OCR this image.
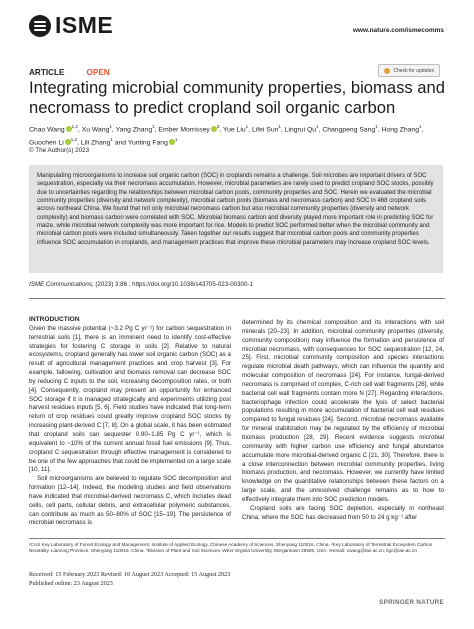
ISME	www.nature.com/ismecomms
ARTICLE	OPEN	Check for updates
Integrating microbial community properties, biomass and necromass to predict cropland soil organic carbon
Chao Wang $^{1,2}$, Xu Wang$^1$, Yang Zhang$^1$, Ember Morrissey $^3$, Yue Liu$^1$, Lifei Sun$^1$, Lingrui Qu$^1$, Changpeng Sang$^1$, Hong Zhang$^1$, Guochen Li $^{1,2}$, Lili Zhang$^1$ and Yunting Fang $^1$
© The Author(s) 2023
Manipulating microorganisms to increase soil organic carbon (SOC) in croplands remains a challenge. Soil microbes are important drivers of SOC sequestration, especially via their necromass accumulation. However, microbial parameters are rarely used to predict cropland SOC stocks, possibly due to uncertainties regarding the relationships between microbial carbon pools, community properties and SOC. Herein we evaluated the microbial community properties (diversity and network complexity), microbial carbon pools (biomass and necromass carbon) and SOC in 468 cropland soils across northeast China. We found that not only microbial necromass carbon but also microbial community properties (diversity and network complexity) and biomass carbon were correlated with SOC. Microbial biomass carbon and diversity played more important role in predicting SOC for maize, while microbial network complexity was more important for rice. Models to predict SOC performed better when the microbial community and microbial carbon pools were included simultaneously. Taken together our results suggest that microbial carbon pools and community properties influence SOC accumulation in croplands, and management practices that improve these microbial parameters may increase cropland SOC levels.
ISME Communications; (2023) 3:86 ; https://doi.org/10.1038/s43705-023-00300-1
INTRODUCTION

Given the massive potential (~3.2 Pg C yr⁻¹) for carbon sequestration in terrestrial soils [1], there is an imminent need to identify cost-effective strategies for fostering C storage in soils [2]. Relative to natural ecosystems, cropland generally has lower soil organic carbon (SOC) as a result of agricultural management practices and crop harvest [3]. For example, fallowing, cultivation and biomass removal can decrease SOC by reducing C inputs to the soil, increasing decomposition rates, or both [4]. Consequently, cropland may present an opportunity for enhanced SOC storage if it is managed strategically and experiments utilizing post harvest residues inputs [5, 6]. Field studies have indicated that long-term return of crop residues could greatly improve cropland SOC stocks by increasing plant-derived C [7, 8]. On a global scale, it has been estimated that cropland soils can sequester 0.90–1.85 Pg C yr⁻¹, which is equivalent to ~10% of the current annual fossil fuel emissions [9]. Thus, cropland C sequestration through effective management is considered to be one of the few approaches that could be implemented on a large scale [10, 11].

Soil microorganisms are believed to regulate SOC decomposition and formation [12–14]. Indeed, the modeling studies and field observations have indicated that microbial-derived necromass C, which includes dead cells, cell parts, cellular debris, and extracellular polymeric substances, can contribute as much as 50–80% of SOC [15–19]. The persistence of microbial necromass is

determined by its chemical composition and its interactions with soil minerals [20–23]. In addition, microbial community properties (diversity, community composition) may influence the formation and persistence of microbial necromass, with consequences for SOC sequestration [12, 24, 25]. First, microbial community composition and species interactions regulate microbial death pathways, which can influence the quantity and molecular composition of necromass [24]. For instance, fungal-derived necromass is comprised of complex, C-rich cell wall fragments [26], while bacterial cell wall fragments contain more N [27]. Regarding interactions, bacteriophage infection could accelerate the lysis of select bacterial populations resulting in more accumulation of bacterial cell wall residues compared to fungal residues [24]. Second, microbial necromass available for mineral stabilization may be regulated by the efficiency of microbial biomass production [28, 29]. Recent evidence suggests microbial community with higher carbon use efficiency and fungal abundance accumulate more microbial-derived organic C [21, 30]. Therefore, there is a close interconnection between microbial community properties, living biomass production, and necromass. However, we currently have limited knowledge on the quantitative relationships between these factors on a large scale, and the unresolved challenge remains as to how to effectively integrate them into SOC prediction models.

Cropland soils are facing SOC depletion, especially in northeast China, where the SOC has decreased from 50 to 24 g kg⁻¹ after

¹CAS Key Laboratory of Forest Ecology and Management, Institute of Applied Ecology, Chinese Academy of Sciences, Shenyang 110016, China. ²Key Laboratory of Terrestrial Ecosystem Carbon Neutrality, Liaoning Province, Shenyang 110016, China. ³Division of Plant and Soil Sciences, West Virginia University, Morgantown 26506, USA. ✉email: cwang@iae.ac.cn; ligc@iae.ac.cn
Received: 15 February 2023 Revised: 10 August 2023 Accepted: 15 August 2023
Published online: 23 August 2023
SPRINGER NATURE
